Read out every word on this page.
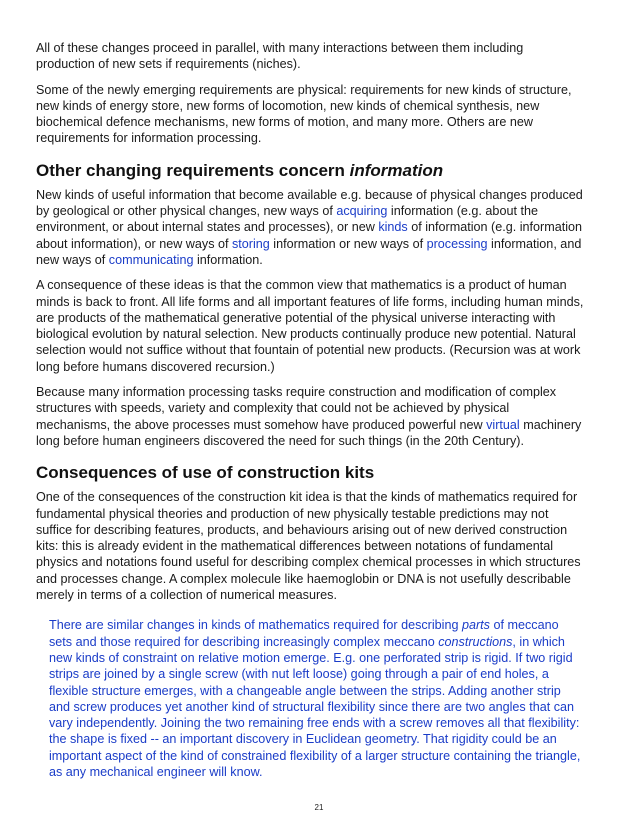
All of these changes proceed in parallel, with many interactions between them including production of new sets if requirements (niches).

Some of the newly emerging requirements are physical: requirements for new kinds of structure, new kinds of energy store, new forms of locomotion, new kinds of chemical synthesis, new biochemical defence mechanisms, new forms of motion, and many more. Others are new requirements for information processing.

Other changing requirements concern information

New kinds of useful information that become available e.g. because of physical changes produced by geological or other physical changes, new ways of acquiring information (e.g. about the environment, or about internal states and processes), or new kinds of information (e.g. information about information), or new ways of storing information or new ways of processing information, and new ways of communicating information.

A consequence of these ideas is that the common view that mathematics is a product of human minds is back to front. All life forms and all important features of life forms, including human minds, are products of the mathematical generative potential of the physical universe interacting with biological evolution by natural selection. New products continually produce new potential. Natural selection would not suffice without that fountain of potential new products. (Recursion was at work long before humans discovered recursion.)

Because many information processing tasks require construction and modification of complex structures with speeds, variety and complexity that could not be achieved by physical mechanisms, the above processes must somehow have produced powerful new virtual machinery long before human engineers discovered the need for such things (in the 20th Century).

Consequences of use of construction kits

One of the consequences of the construction kit idea is that the kinds of mathematics required for fundamental physical theories and production of new physically testable predictions may not suffice for describing features, products, and behaviours arising out of new derived construction kits: this is already evident in the mathematical differences between notations of fundamental physics and notations found useful for describing complex chemical processes in which structures and processes change. A complex molecule like haemoglobin or DNA is not usefully describable merely in terms of a collection of numerical measures.

There are similar changes in kinds of mathematics required for describing parts of meccano sets and those required for describing increasingly complex meccano constructions, in which new kinds of constraint on relative motion emerge. E.g. one perforated strip is rigid. If two rigid strips are joined by a single screw (with nut left loose) going through a pair of end holes, a flexible structure emerges, with a changeable angle between the strips. Adding another strip and screw produces yet another kind of structural flexibility since there are two angles that can vary independently. Joining the two remaining free ends with a screw removes all that flexibility: the shape is fixed -- an important discovery in Euclidean geometry. That rigidity could be an important aspect of the kind of constrained flexibility of a larger structure containing the triangle, as any mechanical engineer will know.
21
